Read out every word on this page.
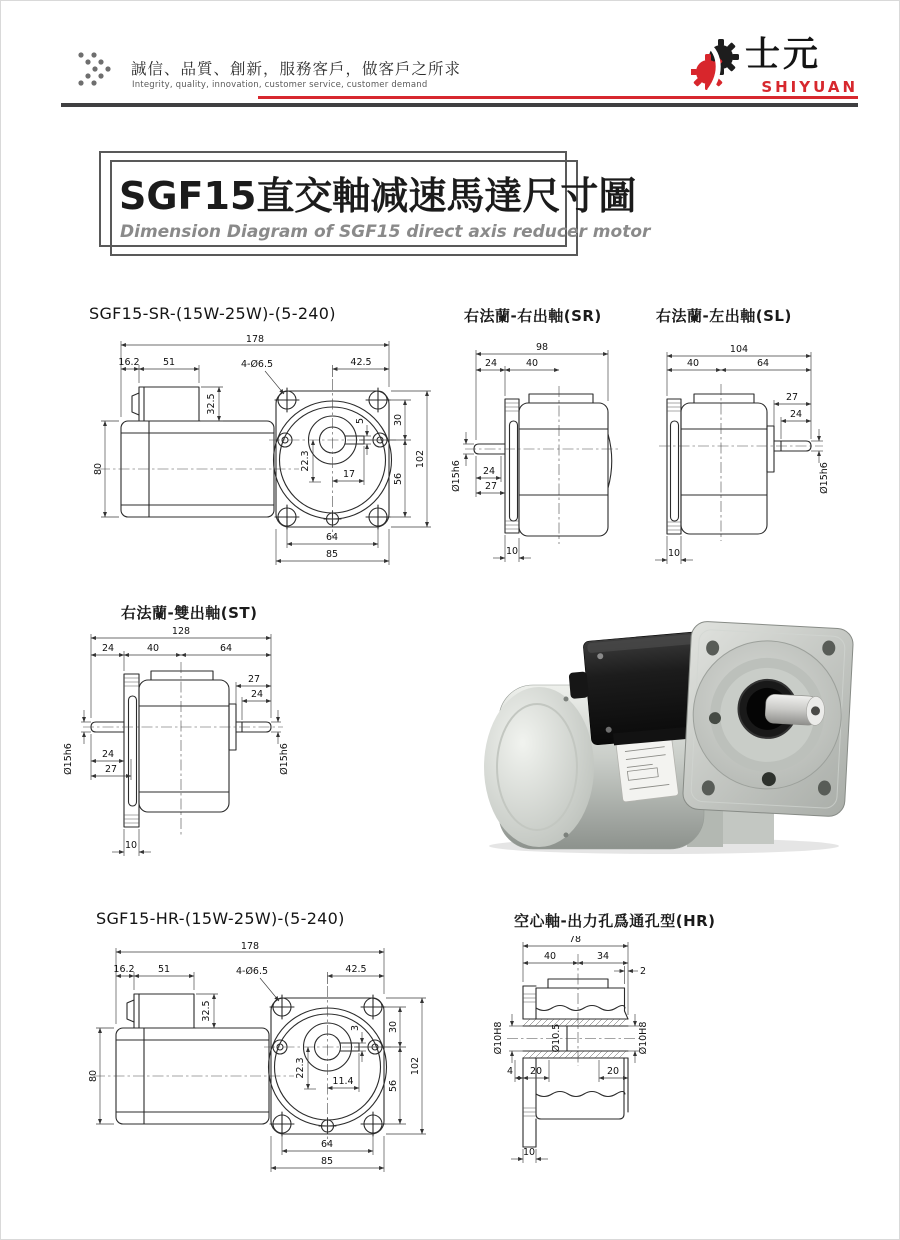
誠信、品質、創新，服務客戶，做客戶之所求
Integrity, quality, innovation, customer service, customer demand
士元
SHIYUAN
SGF15直交軸减速馬達尺寸圖
Dimension Diagram of SGF15 direct axis reducer motor
SGF15-SR-(15W-25W)-(5-240)	右法蘭-右出軸(SR)	右法蘭-左出軸(SL)
178
16.2 51	42.5
4-Ø6.5
32.5
80
30
56
102
5
22.3
17
64
85
98
24	40
Ø15h6 24
27
10
104
40	64
27
24
Ø15h6
10
右法蘭-雙出軸(ST)
128
24	40	64
27
24
Ø15h6
Ø15h6	24
27
10
SGF15-HR-(15W-25W)-(5-240)	空心軸-出力孔爲通孔型(HR)
178
16.2 51	42.5
4-Ø6.5
32.5
80
30
56
102
3
22.3
11.4
64
85
78
40	34
2
Ø10H8	Ø10.5	Ø10H8
4 20	20
10
